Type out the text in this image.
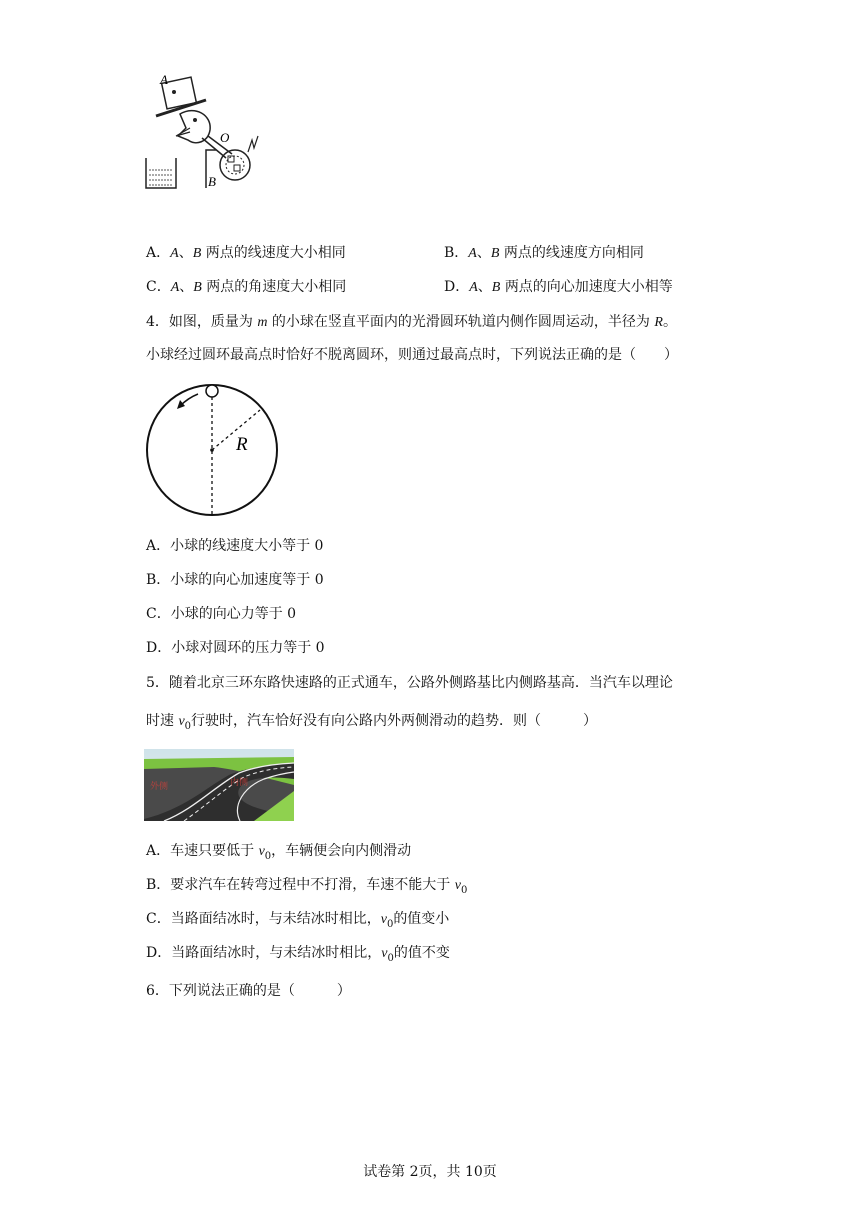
A
O
B
A．A、B 两点的线速度大小相同	B．A、B 两点的线速度方向相同
C．A、B 两点的角速度大小相同	D．A、B 两点的向心加速度大小相等
4．如图，质量为 m 的小球在竖直平面内的光滑圆环轨道内侧作圆周运动，半径为 R。
小球经过圆环最高点时恰好不脱离圆环，则通过最高点时，下列说法正确的是（　　）
R
A．小球的线速度大小等于 0
B．小球的向心加速度等于 0
C．小球的向心力等于 0
D．小球对圆环的压力等于 0
5．随着北京三环东路快速路的正式通车，公路外侧路基比内侧路基高．当汽车以理论
时速 $v_0$行驶时，汽车恰好没有向公路内外两侧滑动的趋势．则（　　　）
外侧	内侧
A．车速只要低于 $v_0$，车辆便会向内侧滑动
B．要求汽车在转弯过程中不打滑，车速不能大于 $v_0$
C．当路面结冰时，与未结冰时相比，$v_0$的值变小
D．当路面结冰时，与未结冰时相比，$v_0$的值不变
6．下列说法正确的是（　　　）
试卷第 2页，共 10页
